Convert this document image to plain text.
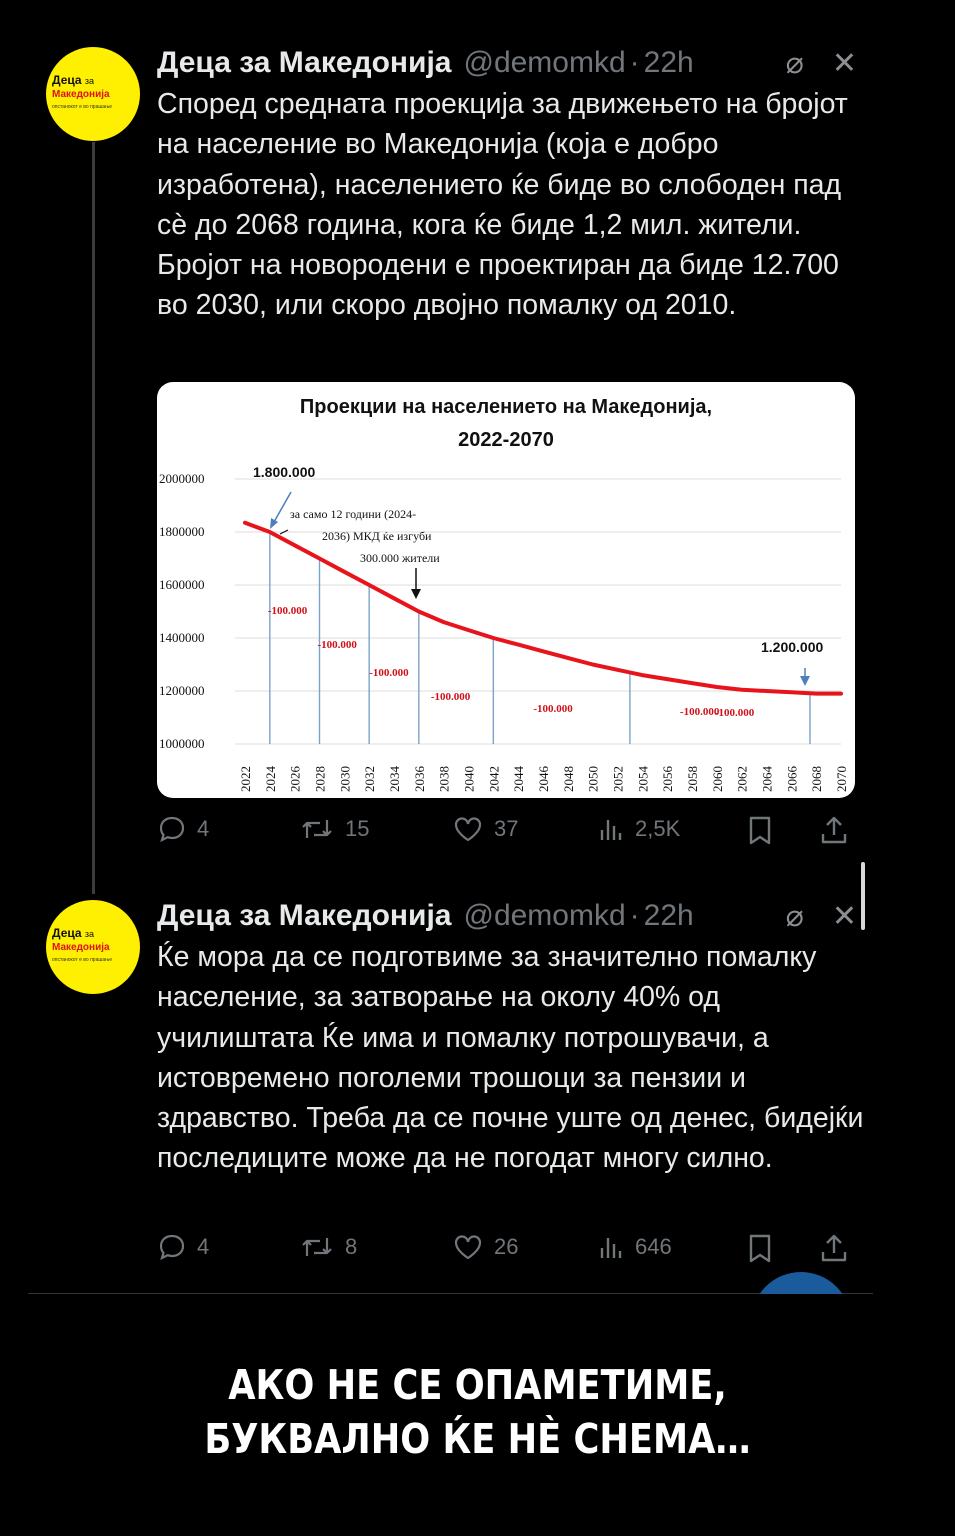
Деца за
Македонија
опстанокот е во прашање
Деца за Македонија @demomkd · 22h	⌀ ✕
Според средната проекција за движењето на бројот на население во Македонија (која е добро изработена), населението ќе биде во слободен пад сѐ до 2068 година, кога ќе биде 1,2 мил. жители. Бројот на новородени е проектиран да биде 12.700 во 2030, или скоро двојно помалку од 2010.
Проекции на населението на Македонија,
2022-2070
1000000
1200000
1400000
1600000
1800000
2000000
2022 2024 2026 2028 2030 2032 2034 2036 2038 2040 2042 2044 2046 2048 2050 2052 2054 2056 2058 2060 2062 2064 2066 2068 2070
-100.000
-100.000
-100.000
-100.000
-100.000	-100.000
-100.000
1.800.000
за само 12 години (2024-
2036) МКД ќе изгуби
300.000 жители
1.200.000
4	15	37	2,5K
Деца за
Македонија
опстанокот е во прашање
Деца за Македонија @demomkd · 22h	⌀ ✕
Ќе мора да се подготвиме за значително помалку население, за затворање на околу 40% од училиштата Ќе има и помалку потрошувачи, а истовремено поголеми трошоци за пензии и здравство. Треба да се почне уште од денес, бидејќи последиците може да не погодат многу силно.
4	8	26	646
АКО НЕ СЕ ОПАМЕТИМЕ,
БУКВАЛНО ЌЕ НЀ СНЕМА…
